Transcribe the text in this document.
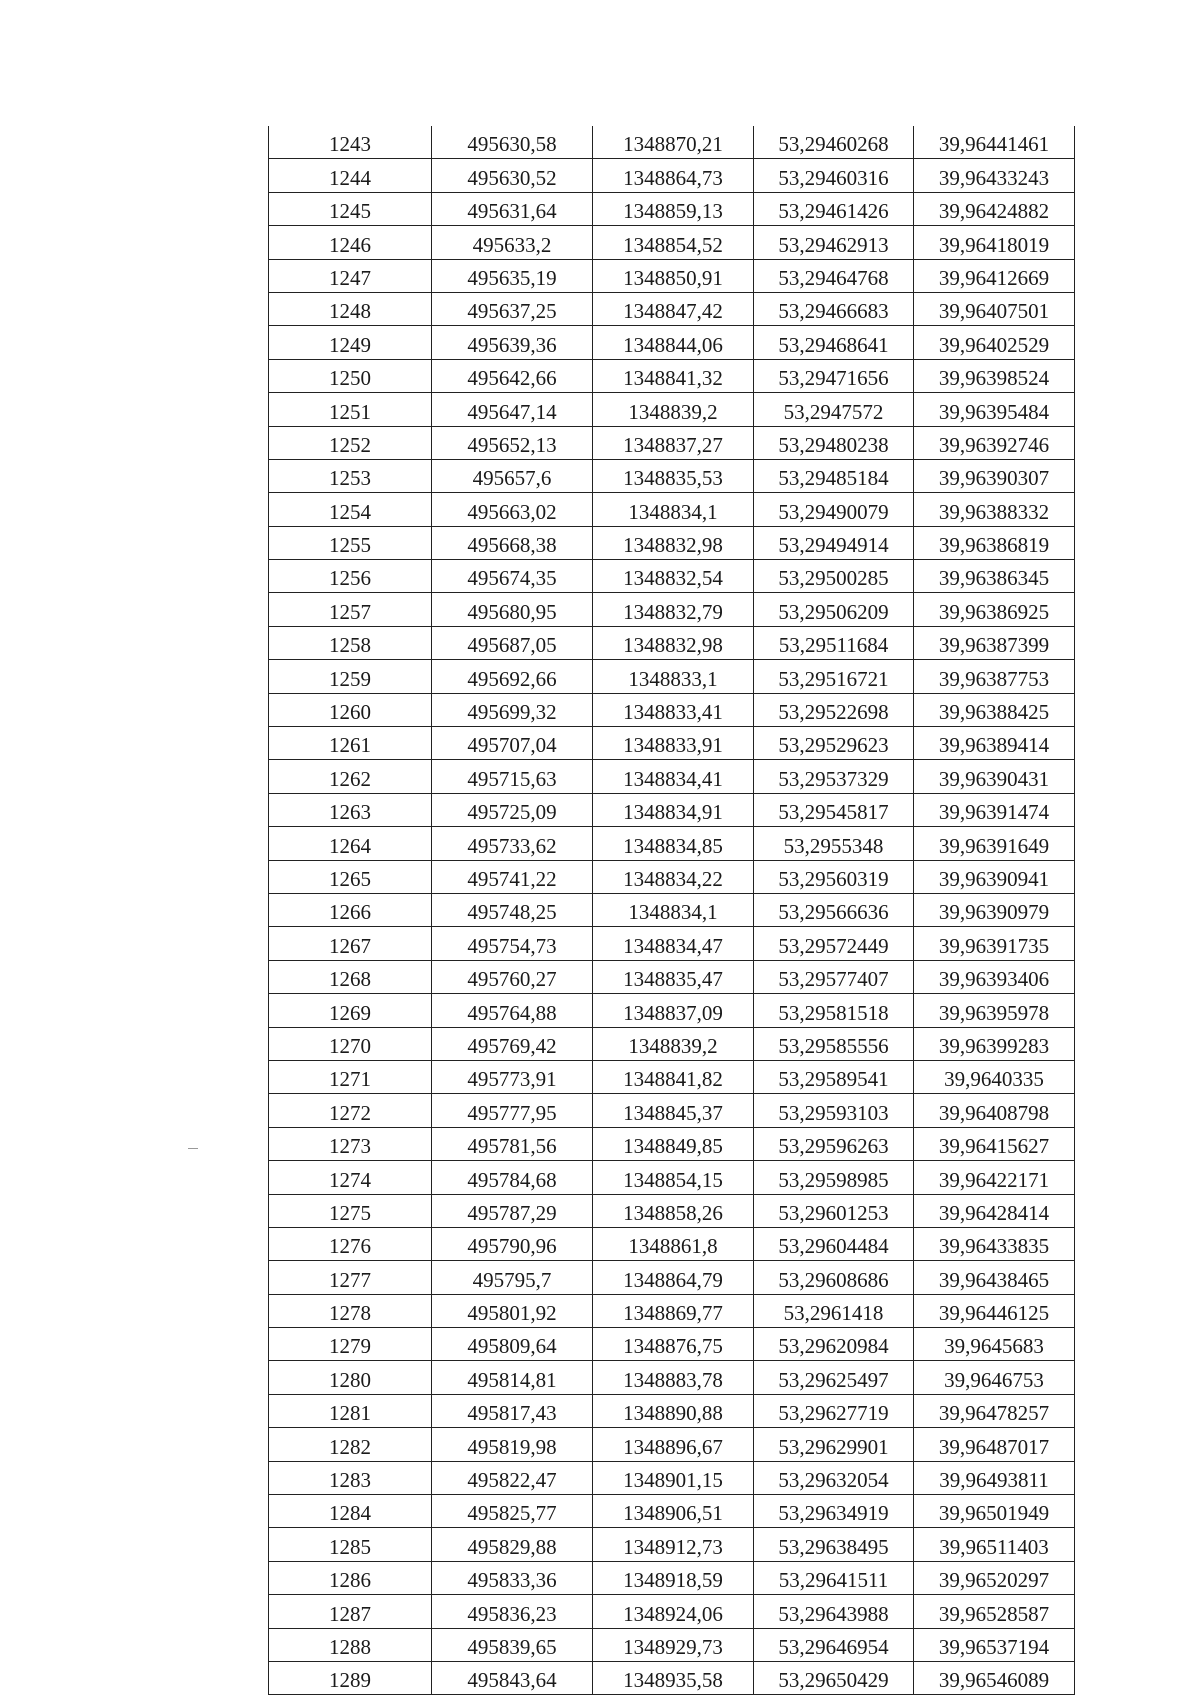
1243	495630,58	1348870,21	53,29460268	39,96441461
1244	495630,52	1348864,73	53,29460316	39,96433243
1245	495631,64	1348859,13	53,29461426	39,96424882
1246	495633,2	1348854,52	53,29462913	39,96418019
1247	495635,19	1348850,91	53,29464768	39,96412669
1248	495637,25	1348847,42	53,29466683	39,96407501
1249	495639,36	1348844,06	53,29468641	39,96402529
1250	495642,66	1348841,32	53,29471656	39,96398524
1251	495647,14	1348839,2	53,2947572	39,96395484
1252	495652,13	1348837,27	53,29480238	39,96392746
1253	495657,6	1348835,53	53,29485184	39,96390307
1254	495663,02	1348834,1	53,29490079	39,96388332
1255	495668,38	1348832,98	53,29494914	39,96386819
1256	495674,35	1348832,54	53,29500285	39,96386345
1257	495680,95	1348832,79	53,29506209	39,96386925
1258	495687,05	1348832,98	53,29511684	39,96387399
1259	495692,66	1348833,1	53,29516721	39,96387753
1260	495699,32	1348833,41	53,29522698	39,96388425
1261	495707,04	1348833,91	53,29529623	39,96389414
1262	495715,63	1348834,41	53,29537329	39,96390431
1263	495725,09	1348834,91	53,29545817	39,96391474
1264	495733,62	1348834,85	53,2955348	39,96391649
1265	495741,22	1348834,22	53,29560319	39,96390941
1266	495748,25	1348834,1	53,29566636	39,96390979
1267	495754,73	1348834,47	53,29572449	39,96391735
1268	495760,27	1348835,47	53,29577407	39,96393406
1269	495764,88	1348837,09	53,29581518	39,96395978
1270	495769,42	1348839,2	53,29585556	39,96399283
1271	495773,91	1348841,82	53,29589541	39,9640335
1272	495777,95	1348845,37	53,29593103	39,96408798
1273	495781,56	1348849,85	53,29596263	39,96415627
1274	495784,68	1348854,15	53,29598985	39,96422171
1275	495787,29	1348858,26	53,29601253	39,96428414
1276	495790,96	1348861,8	53,29604484	39,96433835
1277	495795,7	1348864,79	53,29608686	39,96438465
1278	495801,92	1348869,77	53,2961418	39,96446125
1279	495809,64	1348876,75	53,29620984	39,9645683
1280	495814,81	1348883,78	53,29625497	39,9646753
1281	495817,43	1348890,88	53,29627719	39,96478257
1282	495819,98	1348896,67	53,29629901	39,96487017
1283	495822,47	1348901,15	53,29632054	39,96493811
1284	495825,77	1348906,51	53,29634919	39,96501949
1285	495829,88	1348912,73	53,29638495	39,96511403
1286	495833,36	1348918,59	53,29641511	39,96520297
1287	495836,23	1348924,06	53,29643988	39,96528587
1288	495839,65	1348929,73	53,29646954	39,96537194
1289	495843,64	1348935,58	53,29650429	39,96546089
